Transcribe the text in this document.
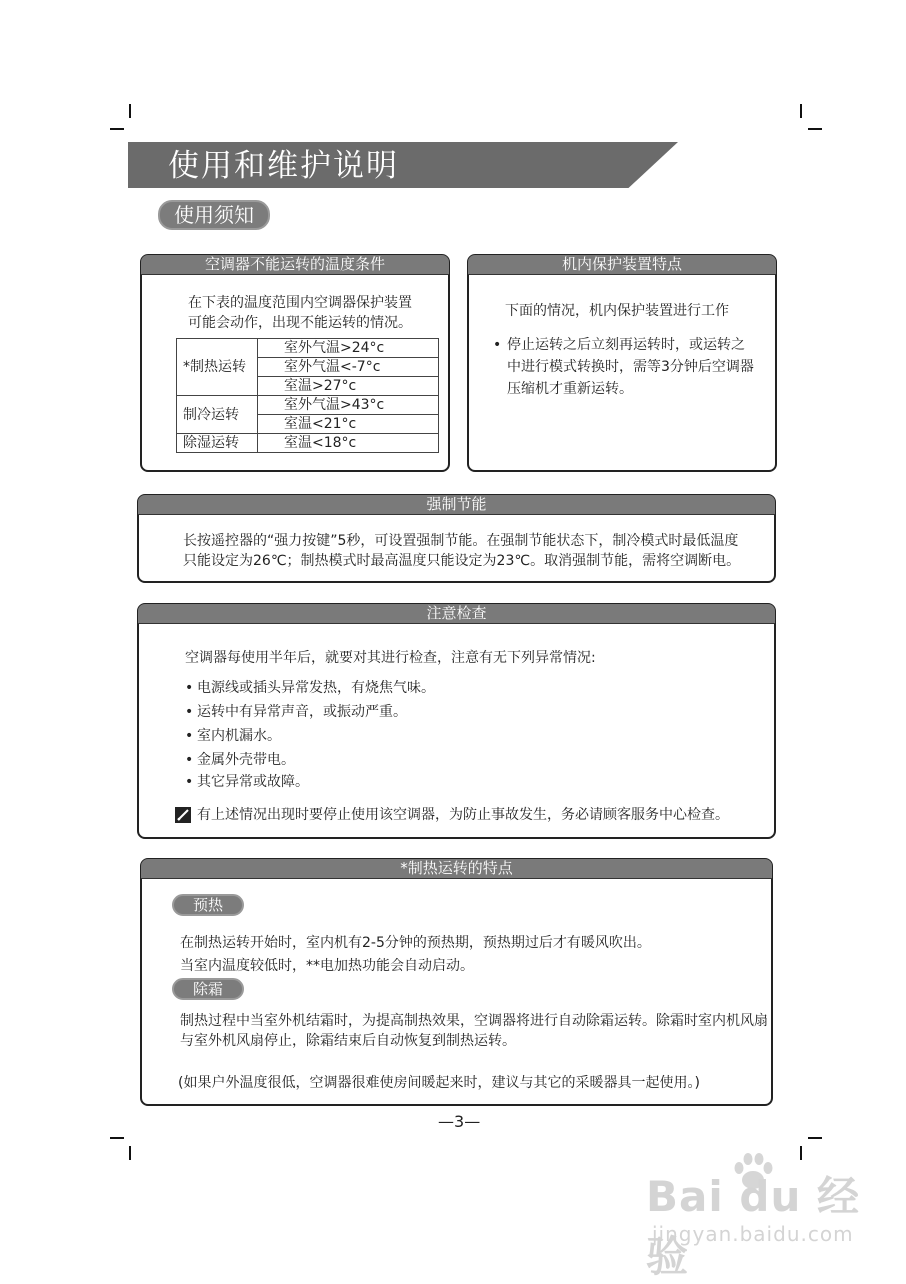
使用和维护说明
使用须知
空调器不能运转的温度条件
在下表的温度范围内空调器保护装置
可能会动作，出现不能运转的情况。
*制热运转	室外气温>24°c
	室外气温<-7°c
	室温>27°c
制冷运转	室外气温>43°c
	室温<21°c
除湿运转	室温<18°c
机内保护装置特点
下面的情况，机内保护装置进行工作
• 停止运转之后立刻再运转时，或运转之
中进行模式转换时，需等3分钟后空调器
压缩机才重新运转。
强制节能
长按遥控器的“强力按键”5秒，可设置强制节能。在强制节能状态下，制冷模式时最低温度
只能设定为26℃；制热模式时最高温度只能设定为23℃。取消强制节能，需将空调断电。
注意检查
空调器每使用半年后，就要对其进行检查，注意有无下列异常情况:
• 电源线或插头异常发热，有烧焦气味。
• 运转中有异常声音，或振动严重。
• 室内机漏水。
• 金属外壳带电。
• 其它异常或故障。
有上述情况出现时要停止使用该空调器，为防止事故发生，务必请顾客服务中心检查。
*制热运转的特点
预热
在制热运转开始时，室内机有2-5分钟的预热期，预热期过后才有暖风吹出。
当室内温度较低时，**电加热功能会自动启动。
除霜
制热过程中当室外机结霜时，为提高制热效果，空调器将进行自动除霜运转。除霜时室内机风扇
与室外机风扇停止，除霜结束后自动恢复到制热运转。
(如果户外温度很低，空调器很难使房间暖起来时，建议与其它的采暖器具一起使用。)
—3—
Bai du 经验
jingyan.baidu.com
